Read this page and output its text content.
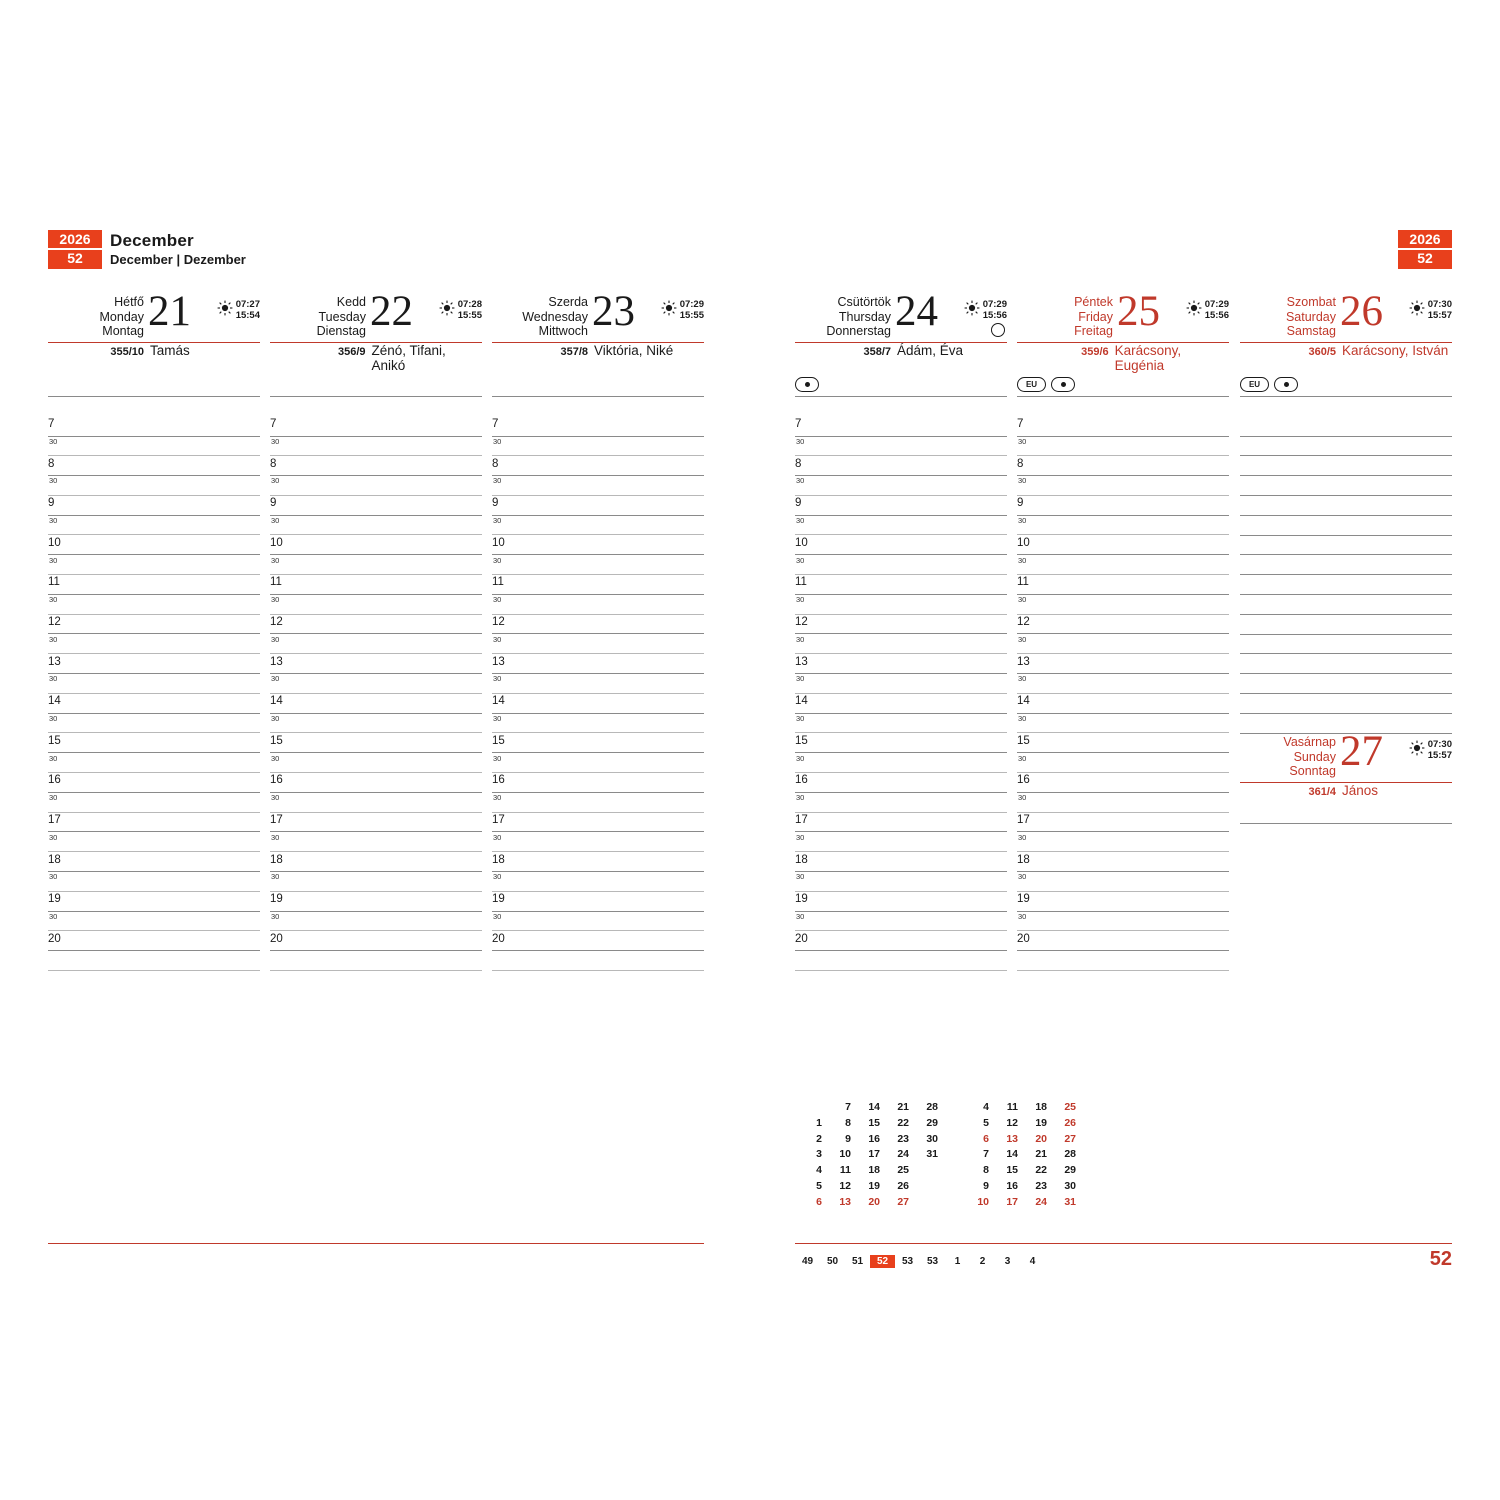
2026
52
December
December | Dezember
2026
52
Hétfő
Monday
Montag 21	07:27
15:54
355/10 Tamás
7
30
8
30
9
30
10
30
11
30
12
30
13
30
14
30
15
30
16
30
17
30
18
30
19
30
20
Kedd
Tuesday
Dienstag 22	07:28
15:55
356/9 Zénó, Tifani, Anikó
7
30
8
30
9
30
10
30
11
30
12
30
13
30
14
30
15
30
16
30
17
30
18
30
19
30
20
Szerda
Wednesday
Mittwoch 23	07:29
15:55
357/8 Viktória, Niké
7
30
8
30
9
30
10
30
11
30
12
30
13
30
14
30
15
30
16
30
17
30
18
30
19
30
20
Csütörtök
Thursday
Donnerstag 24	07:29
15:56
358/7 Ádám, Éva
7
30
8
30
9
30
10
30
11
30
12
30
13
30
14
30
15
30
16
30
17
30
18
30
19
30
20
Péntek
Friday
Freitag 25	07:29
15:56
359/6 Karácsony, Eugénia
EU
7
30
8
30
9
30
10
30
11
30
12
30
13
30
14
30
15
30
16
30
17
30
18
30
19
30
20
Szombat
Saturday
Samstag 26	07:30
15:57
360/5 Karácsony, István
EU
Vasárnap
Sunday
Sonntag 27	07:30
15:57
361/4 János
	7	14	21	28		4	11	18	25
1	8	15	22	29		5	12	19	26
2	9	16	23	30		6	13	20	27
3	10	17	24	31		7	14	21	28
4	11	18	25			8	15	22	29
5	12	19	26			9	16	23	30
6	13	20	27			10	17	24	31
49	50	51	52	53	53	1	2	3	4	52
